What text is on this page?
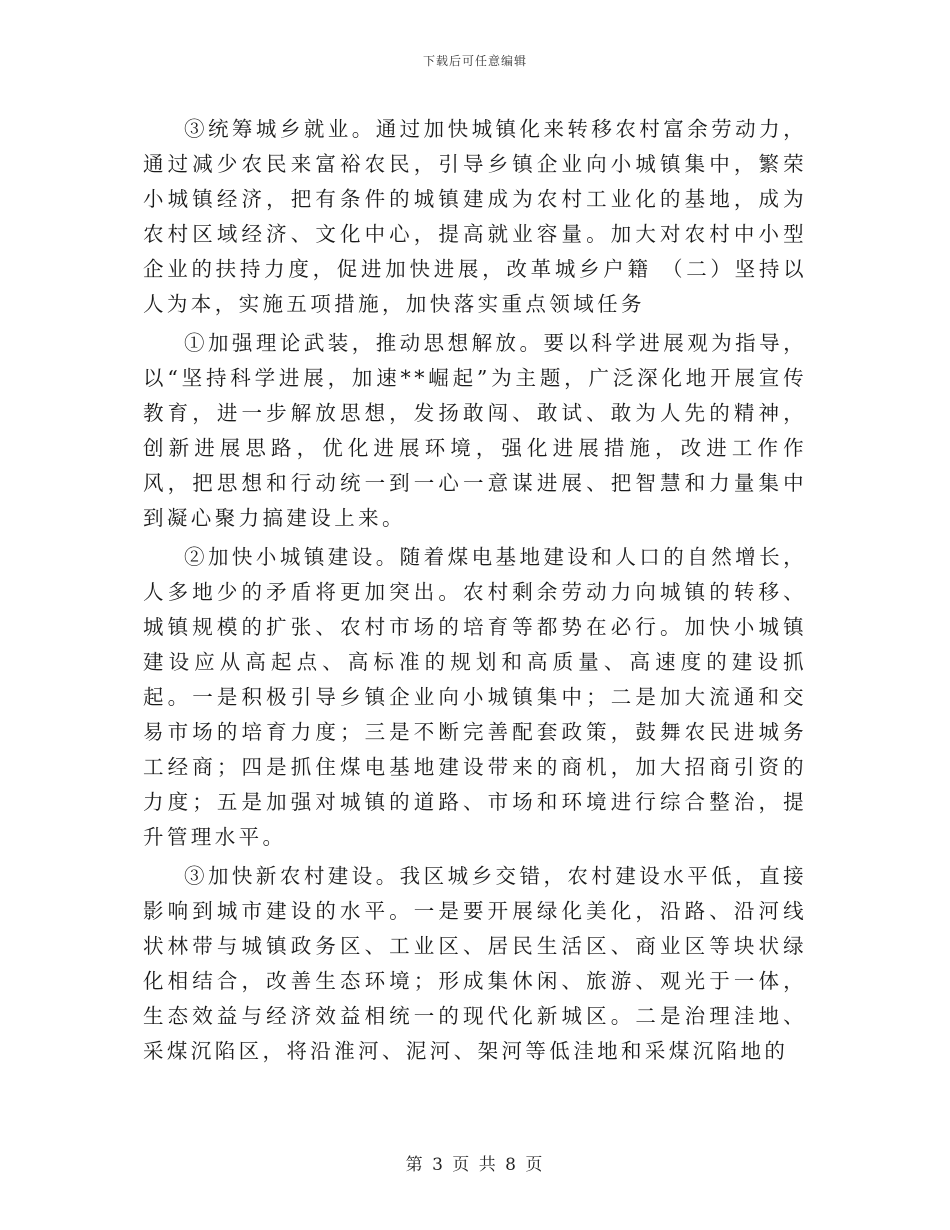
下载后可任意编辑

③统筹城乡就业。通过加快城镇化来转移农村富余劳动力，通过减少农民来富裕农民，引导乡镇企业向小城镇集中，繁荣小城镇经济，把有条件的城镇建成为农村工业化的基地，成为农村区域经济、文化中心，提高就业容量。加大对农村中小型企业的扶持力度，促进加快进展，改革城乡户籍 （二）坚持以人为本，实施五项措施，加快落实重点领域任务

①加强理论武装，推动思想解放。要以科学进展观为指导，以“坚持科学进展，加速**崛起”为主题，广泛深化地开展宣传教育，进一步解放思想，发扬敢闯、敢试、敢为人先的精神，创新进展思路，优化进展环境，强化进展措施，改进工作作风，把思想和行动统一到一心一意谋进展、把智慧和力量集中到凝心聚力搞建设上来。

②加快小城镇建设。随着煤电基地建设和人口的自然增长，人多地少的矛盾将更加突出。农村剩余劳动力向城镇的转移、城镇规模的扩张、农村市场的培育等都势在必行。加快小城镇建设应从高起点、高标准的规划和高质量、高速度的建设抓起。一是积极引导乡镇企业向小城镇集中；二是加大流通和交易市场的培育力度；三是不断完善配套政策，鼓舞农民进城务工经商；四是抓住煤电基地建设带来的商机，加大招商引资的力度；五是加强对城镇的道路、市场和环境进行综合整治，提升管理水平。

③加快新农村建设。我区城乡交错，农村建设水平低，直接影响到城市建设的水平。一是要开展绿化美化，沿路、沿河线状林带与城镇政务区、工业区、居民生活区、商业区等块状绿化相结合，改善生态环境；形成集休闲、旅游、观光于一体，生态效益与经济效益相统一的现代化新城区。二是治理洼地、采煤沉陷区，将沿淮河、泥河、架河等低洼地和采煤沉陷地的

第 3 页 共 8 页
